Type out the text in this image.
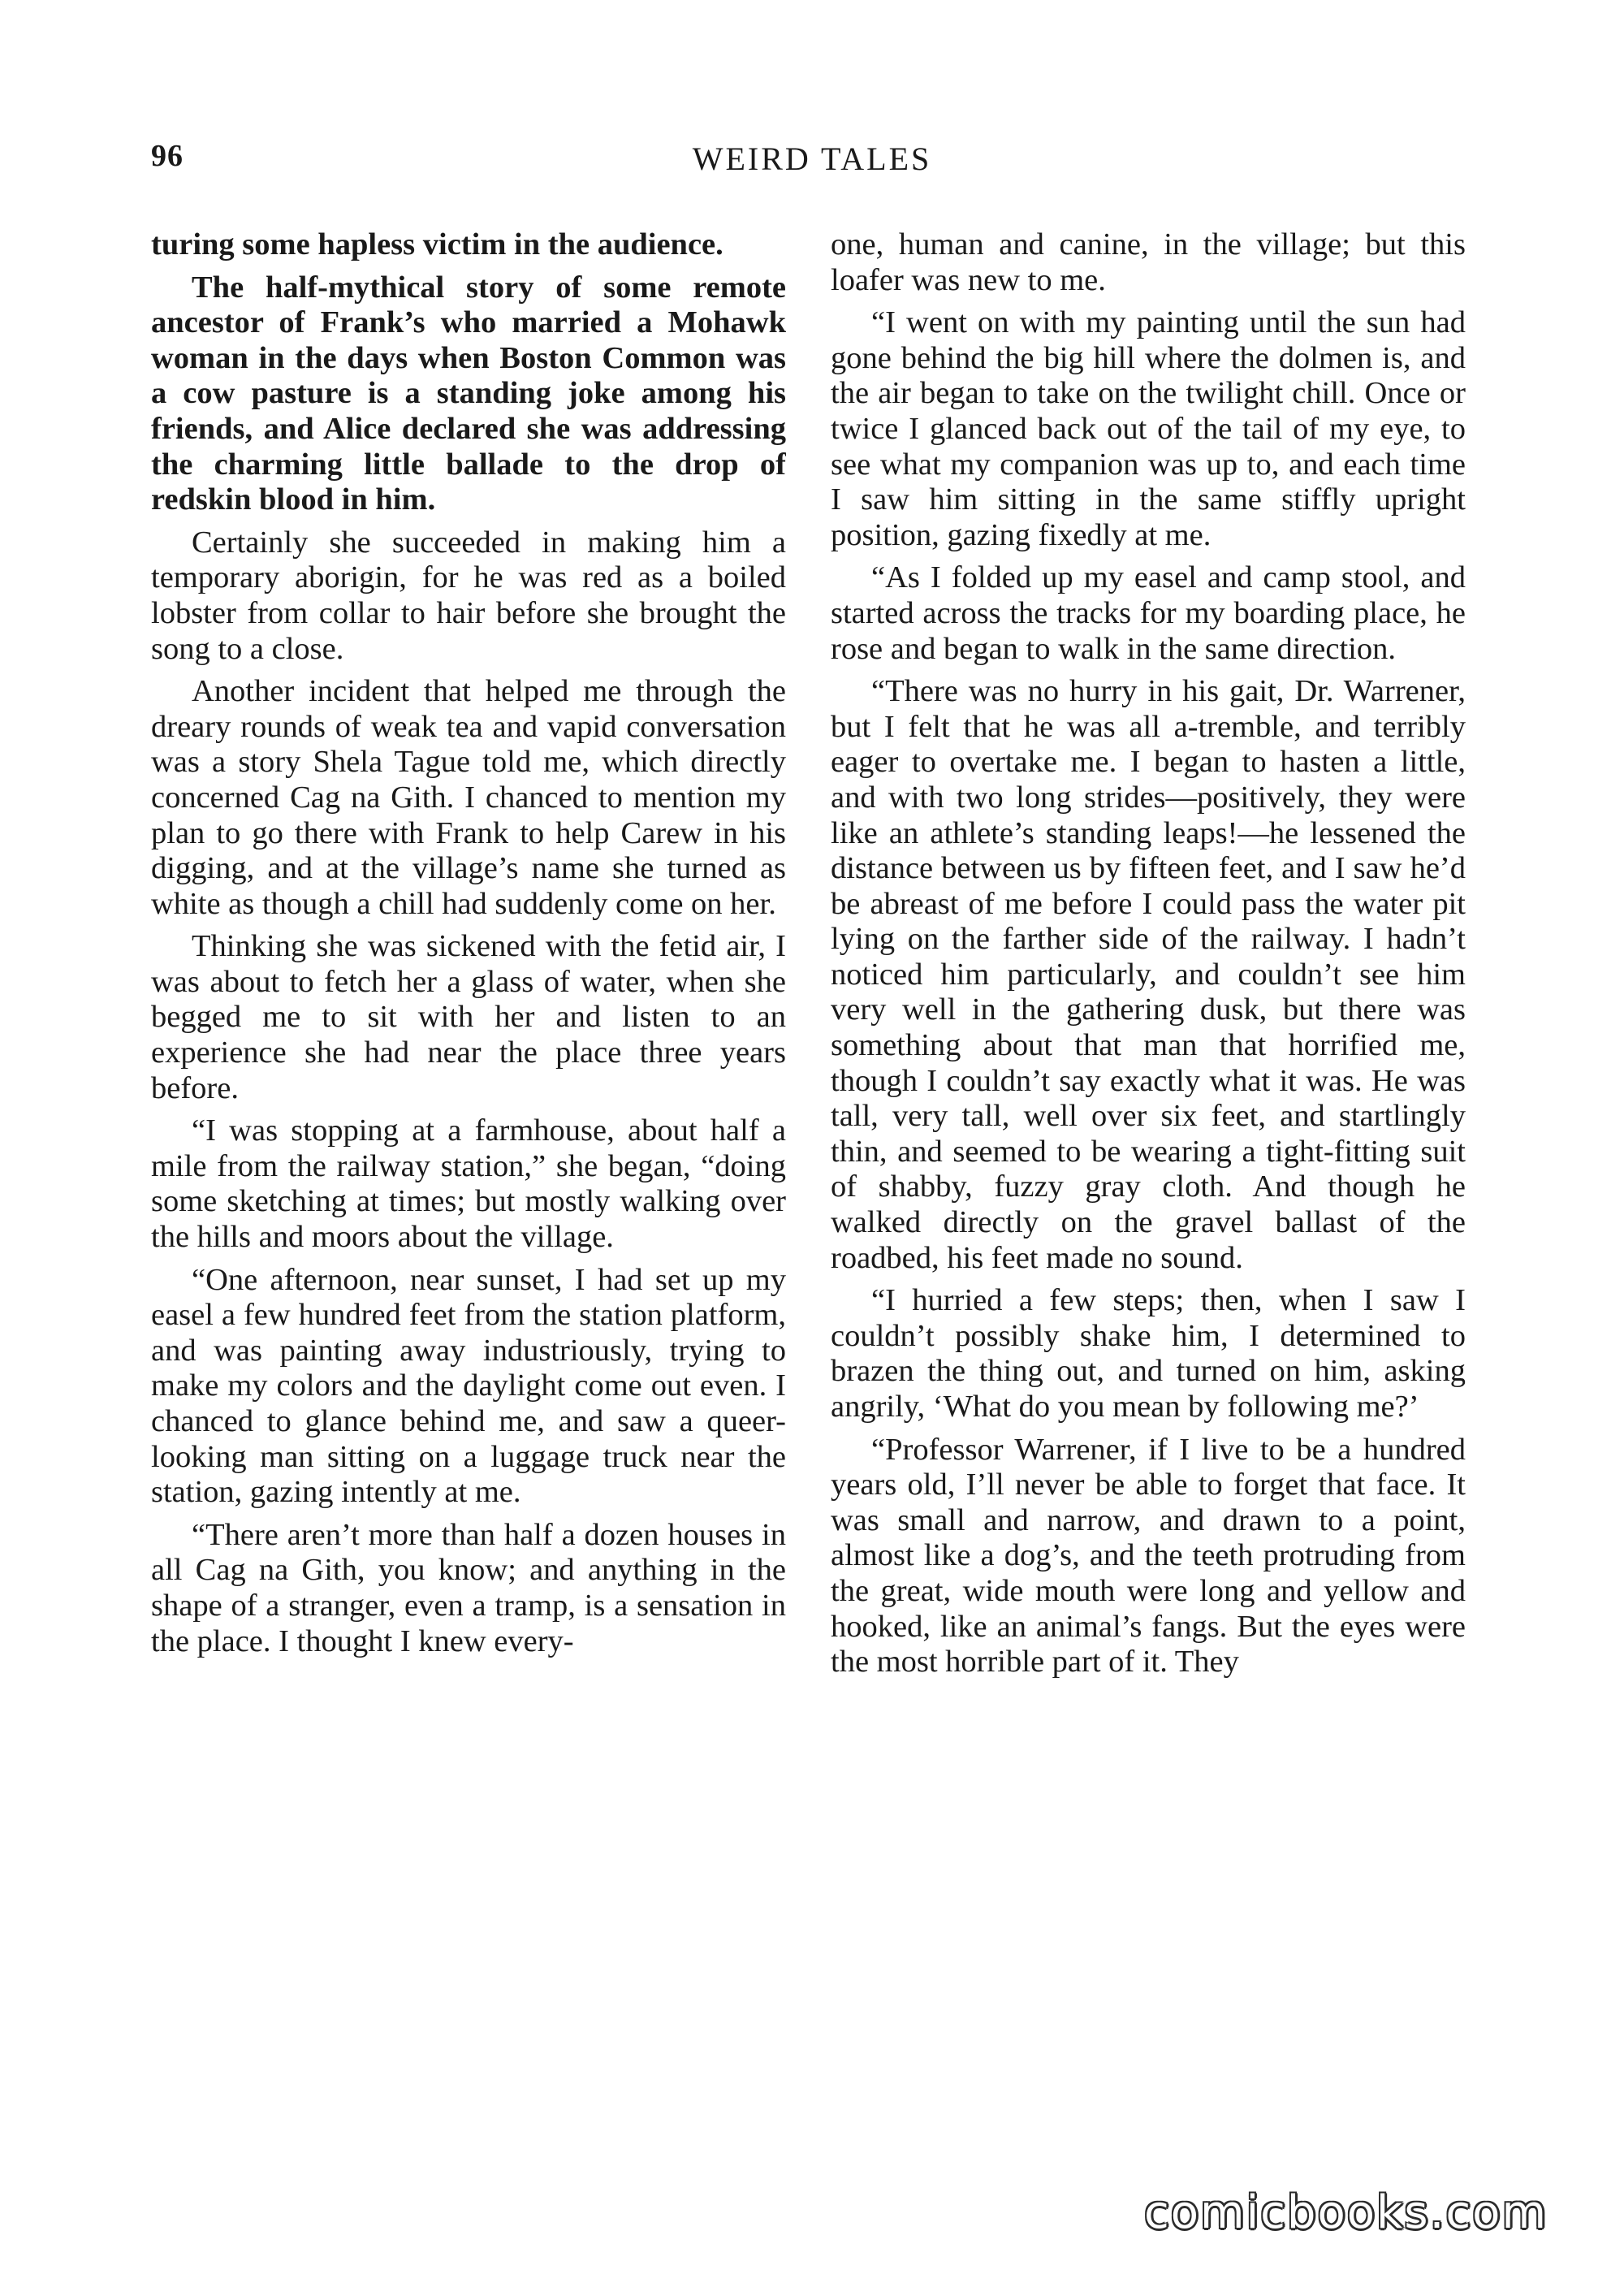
96	WEIRD TALES

turing some hapless victim in the audience.

The half-mythical story of some remote ancestor of Frank’s who married a Mohawk woman in the days when Boston Common was a cow pasture is a standing joke among his friends, and Alice declared she was addressing the charming little ballade to the drop of redskin blood in him.

Certainly she succeeded in making him a temporary aborigin, for he was red as a boiled lobster from collar to hair before she brought the song to a close.

Another incident that helped me through the dreary rounds of weak tea and vapid conversation was a story Shela Tague told me, which directly concerned Cag na Gith. I chanced to mention my plan to go there with Frank to help Carew in his digging, and at the village’s name she turned as white as though a chill had suddenly come on her.

Thinking she was sickened with the fetid air, I was about to fetch her a glass of water, when she begged me to sit with her and listen to an experience she had near the place three years before.

“I was stopping at a farmhouse, about half a mile from the railway station,” she began, “doing some sketching at times; but mostly walking over the hills and moors about the village.

“One afternoon, near sunset, I had set up my easel a few hundred feet from the station platform, and was painting away industriously, trying to make my colors and the daylight come out even. I chanced to glance behind me, and saw a queer-looking man sitting on a luggage truck near the station, gazing intently at me.

“There aren’t more than half a dozen houses in all Cag na Gith, you know; and anything in the shape of a stranger, even a tramp, is a sensation in the place. I thought I knew every-

one, human and canine, in the village; but this loafer was new to me.

“I went on with my painting until the sun had gone behind the big hill where the dolmen is, and the air began to take on the twilight chill. Once or twice I glanced back out of the tail of my eye, to see what my companion was up to, and each time I saw him sitting in the same stiffly upright position, gazing fixedly at me.

“As I folded up my easel and camp stool, and started across the tracks for my boarding place, he rose and began to walk in the same direction.

“There was no hurry in his gait, Dr. Warrener, but I felt that he was all a-tremble, and terribly eager to overtake me. I began to hasten a little, and with two long strides—positively, they were like an athlete’s standing leaps!—he lessened the distance between us by fifteen feet, and I saw he’d be abreast of me before I could pass the water pit lying on the farther side of the railway. I hadn’t noticed him particularly, and couldn’t see him very well in the gathering dusk, but there was something about that man that horrified me, though I couldn’t say exactly what it was. He was tall, very tall, well over six feet, and startlingly thin, and seemed to be wearing a tight-fitting suit of shabby, fuzzy gray cloth. And though he walked directly on the gravel ballast of the roadbed, his feet made no sound.

“I hurried a few steps; then, when I saw I couldn’t possibly shake him, I determined to brazen the thing out, and turned on him, asking angrily, ‘What do you mean by following me?’

“Professor Warrener, if I live to be a hundred years old, I’ll never be able to forget that face. It was small and narrow, and drawn to a point, almost like a dog’s, and the teeth protruding from the great, wide mouth were long and yellow and hooked, like an animal’s fangs. But the eyes were the most horrible part of it. They

comicbooks.com
